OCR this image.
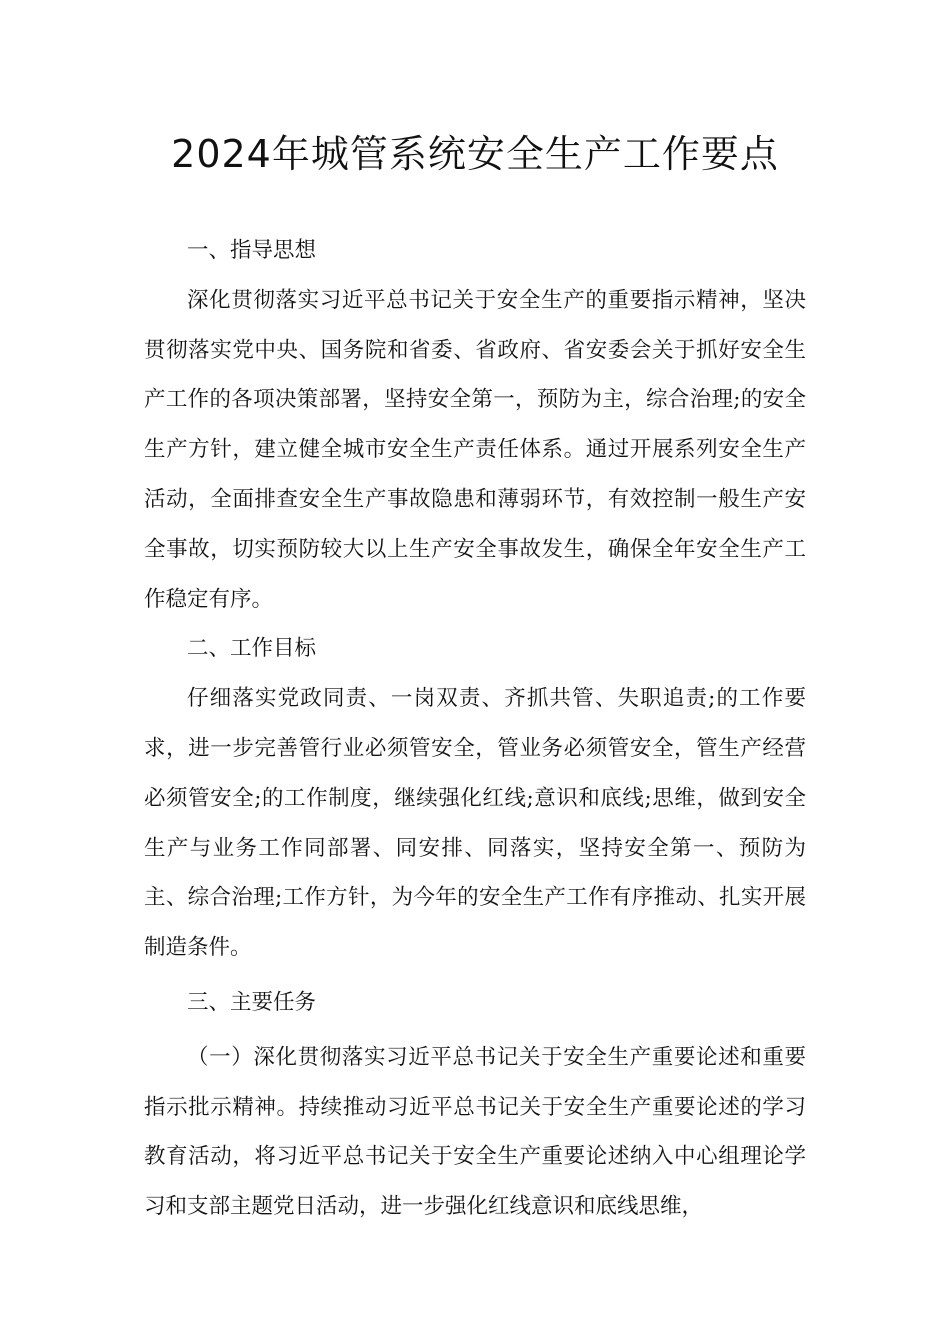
2024年城管系统安全生产工作要点

一、指导思想

深化贯彻落实习近平总书记关于安全生产的重要指示精神，坚决贯彻落实党中央、国务院和省委、省政府、省安委会关于抓好安全生产工作的各项决策部署，坚持安全第一，预防为主，综合治理;的安全生产方针，建立健全城市安全生产责任体系。通过开展系列安全生产活动，全面排查安全生产事故隐患和薄弱环节，有效控制一般生产安全事故，切实预防较大以上生产安全事故发生，确保全年安全生产工作稳定有序。

二、工作目标

仔细落实党政同责、一岗双责、齐抓共管、失职追责;的工作要求，进一步完善管行业必须管安全，管业务必须管安全，管生产经营必须管安全;的工作制度，继续强化红线;意识和底线;思维，做到安全生产与业务工作同部署、同安排、同落实，坚持安全第一、预防为主、综合治理;工作方针，为今年的安全生产工作有序推动、扎实开展制造条件。

三、主要任务

（一）深化贯彻落实习近平总书记关于安全生产重要论述和重要指示批示精神。持续推动习近平总书记关于安全生产重要论述的学习教育活动，将习近平总书记关于安全生产重要论述纳入中心组理论学习和支部主题党日活动，进一步强化红线意识和底线思维，
